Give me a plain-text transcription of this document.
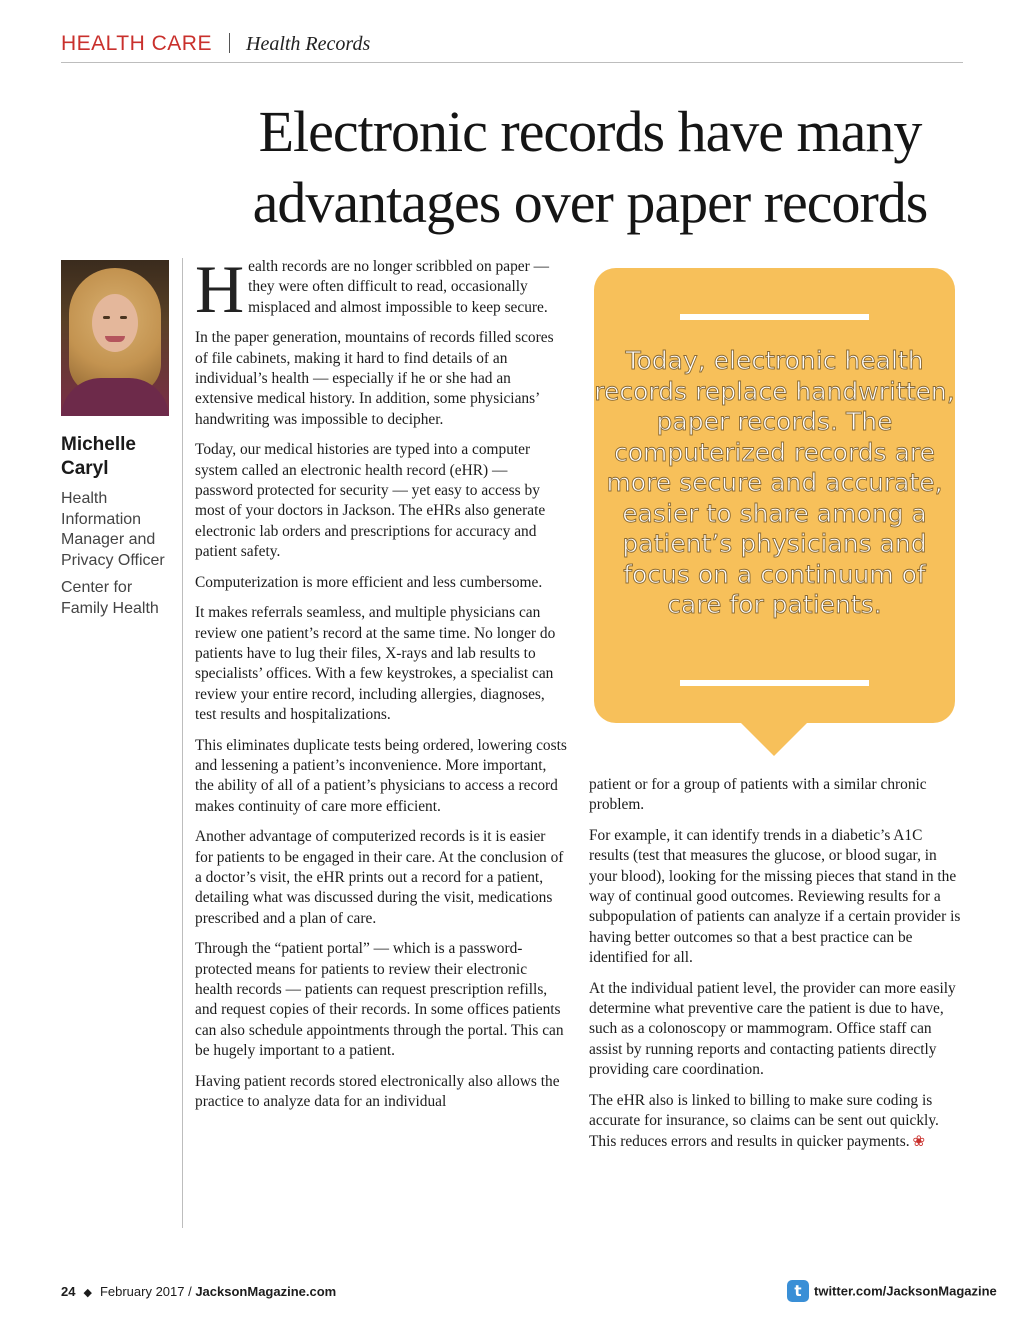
HEALTH CARE Health Records
Electronic records have many
advantages over paper records

Michelle
Caryl

Health
Information
Manager and
Privacy Officer

Center for
Family Health

Health records are no longer scribbled on paper — they were often difficult to read, occasionally misplaced and almost impossible to keep secure.

In the paper generation, mountains of records filled scores of file cabinets, making it hard to find details of an individual’s health — especially if he or she had an extensive medical history. In addition, some physicians’ handwriting was impossible to decipher.

Today, our medical histories are typed into a computer system called an electronic health record (eHR) — password protected for security — yet easy to access by most of your doctors in Jackson. The eHRs also generate electronic lab orders and prescriptions for accuracy and patient safety.

Computerization is more efficient and less cumbersome.

It makes referrals seamless, and multiple physicians can review one patient’s record at the same time. No longer do patients have to lug their files, X-rays and lab results to specialists’ offices. With a few keystrokes, a specialist can review your entire record, including allergies, diagnoses, test results and hospitalizations.

This eliminates duplicate tests being ordered, lowering costs and lessening a patient’s inconvenience. More important, the ability of all of a patient’s physicians to access a record makes continuity of care more efficient.

Another advantage of computerized records is it is easier for patients to be engaged in their care. At the conclusion of a doctor’s visit, the eHR prints out a record for a patient, detailing what was discussed during the visit, medications prescribed and a plan of care.

Through the “patient portal” — which is a password-protected means for patients to review their electronic health records — patients can request prescription refills, and request copies of their records. In some offices patients can also schedule appointments through the portal. This can be hugely important to a patient.

Having patient records stored electronically also allows the practice to analyze data for an individual

Today, electronic health records replace handwritten, paper records. The computerized records are more secure and accurate, easier to share among a patient’s physicians and focus on a continuum of care for patients.

patient or for a group of patients with a similar chronic problem.

For example, it can identify trends in a diabetic’s A1C results (test that measures the glucose, or blood sugar, in your blood), looking for the missing pieces that stand in the way of continual good outcomes. Reviewing results for a subpopulation of patients can analyze if a certain provider is having better outcomes so that a best practice can be identified for all.

At the individual patient level, the provider can more easily determine what preventive care the patient is due to have, such as a colonoscopy or mammogram. Office staff can assist by running reports and contacting patients directly providing care coordination.

The eHR also is linked to billing to make sure coding is accurate for insurance, so claims can be sent out quickly. This reduces errors and results in quicker payments. ❀

24 ◆ February 2017 / JacksonMagazine.com	t twitter.com/JacksonMagazine
